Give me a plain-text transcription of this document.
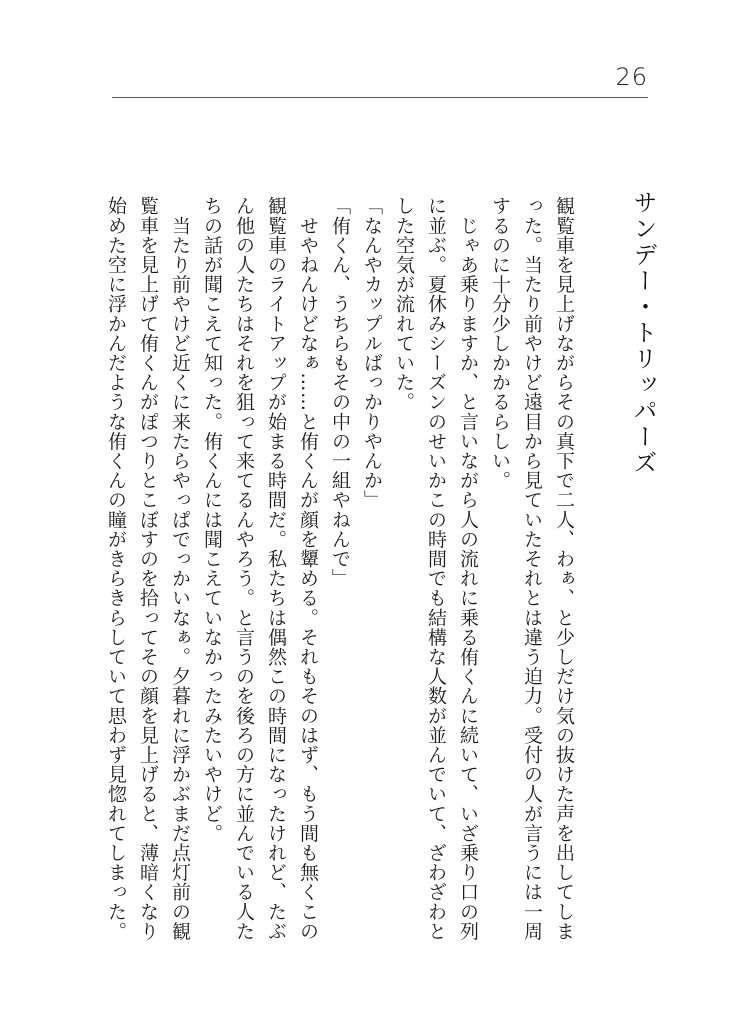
26
サンデー・トリッパーズ

観覧車を見上げながらその真下で二人、わぁ、と少しだけ気の抜けた声を出してしまった。当たり前やけど遠目から見ていたそれとは違う迫力。受付の人が言うには一周するのに十分少しかかるらしい。

　じゃあ乗りますか、と言いながら人の流れに乗る侑くんに続いて、いざ乗り口の列に並ぶ。夏休みシーズンのせいかこの時間でも結構な人数が並んでいて、ざわざわとした空気が流れていた。

「なんやカップルばっかりやんか」

「侑くん、うちらもその中の一組やねんで」

　せやねんけどなぁ……と侑くんが顔を顰める。それもそのはず、もう間も無くこの観覧車のライトアップが始まる時間だ。私たちは偶然この時間になったけれど、たぶん他の人たちはそれを狙って来てるんやろう。と言うのを後ろの方に並んでいる人たちの話が聞こえて知った。侑くんには聞こえていなかったみたいやけど。

　当たり前やけど近くに来たらやっぱでっかいなぁ。夕暮れに浮かぶまだ点灯前の観覧車を見上げて侑くんがぽつりとこぼすのを拾ってその顔を見上げると、薄暗くなり始めた空に浮かんだような侑くんの瞳がきらきらしていて思わず見惚れてしまった。
